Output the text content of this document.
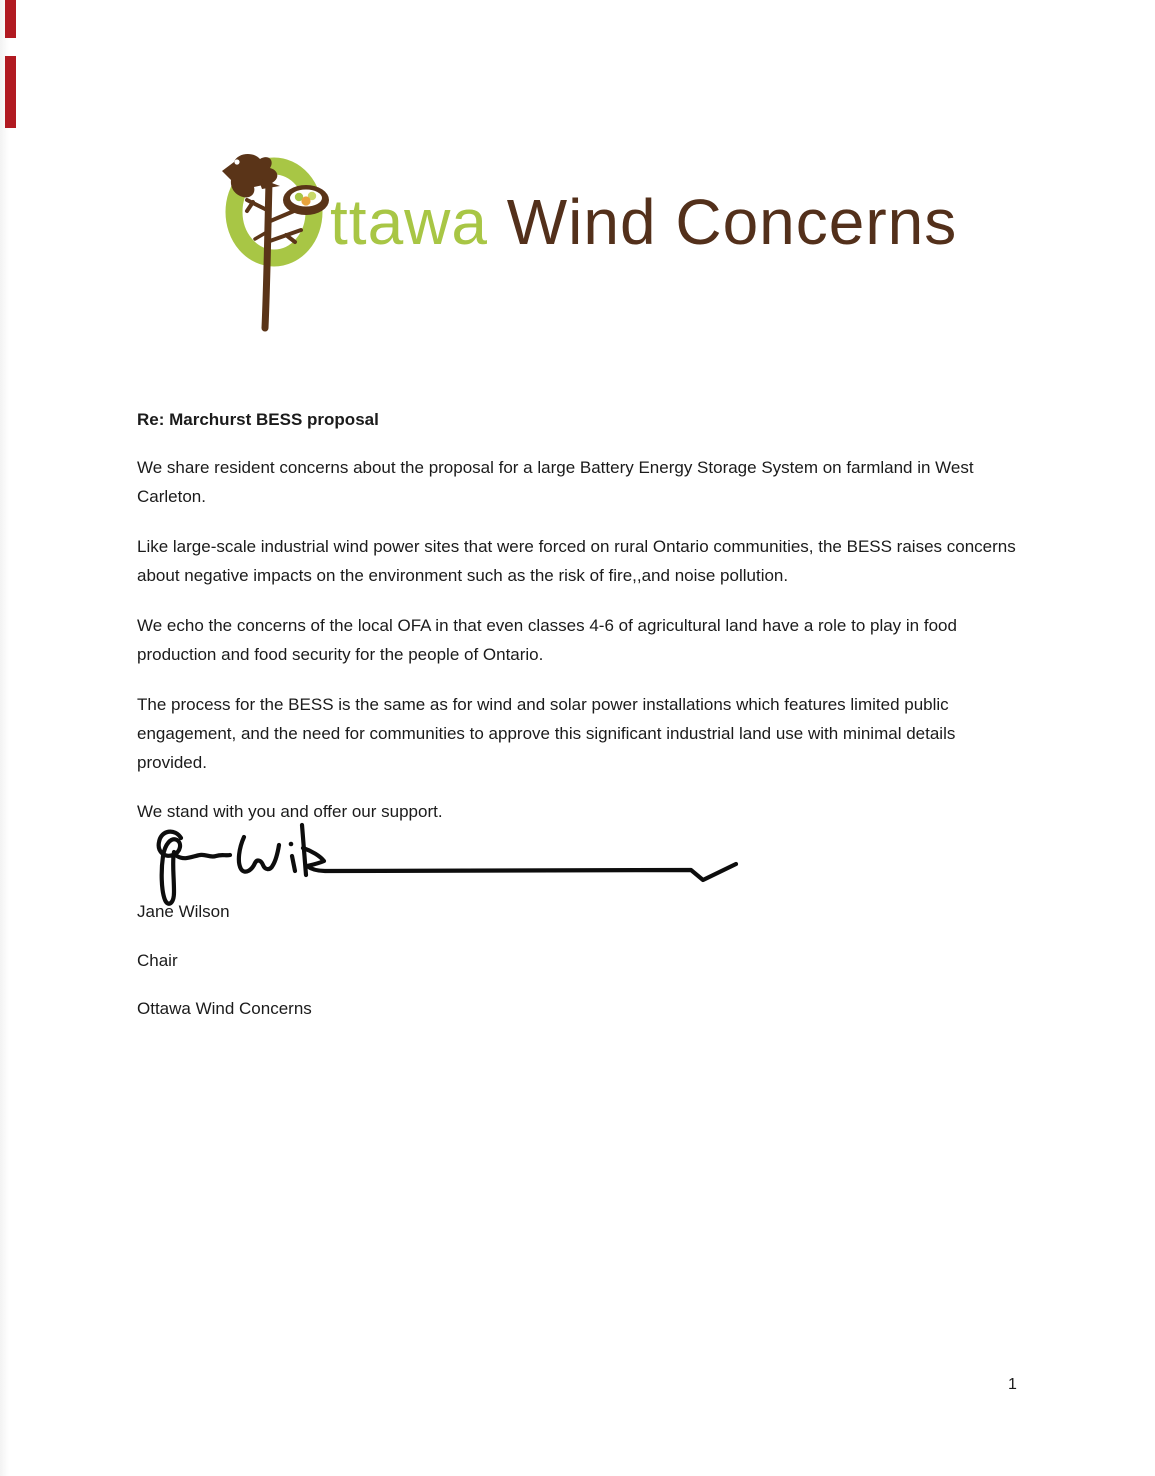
ttawa Wind Concerns
Re: Marchurst BESS proposal

We share resident concerns about the proposal for a large Battery Energy Storage System on farmland in West Carleton.

Like large-scale industrial wind power sites that were forced on rural Ontario communities, the BESS raises concerns about negative impacts on the environment such as the risk of fire,,and noise pollution.

We echo the concerns of the local OFA in that even classes 4-6 of agricultural land have a role to play in food production and food security for the people of Ontario.

The process for the BESS is the same as for wind and solar power installations which features limited public engagement, and the need for communities to approve this significant industrial land use with minimal details provided.

We stand with you and offer our support.

Jane Wilson
Chair
Ottawa Wind Concerns
1
